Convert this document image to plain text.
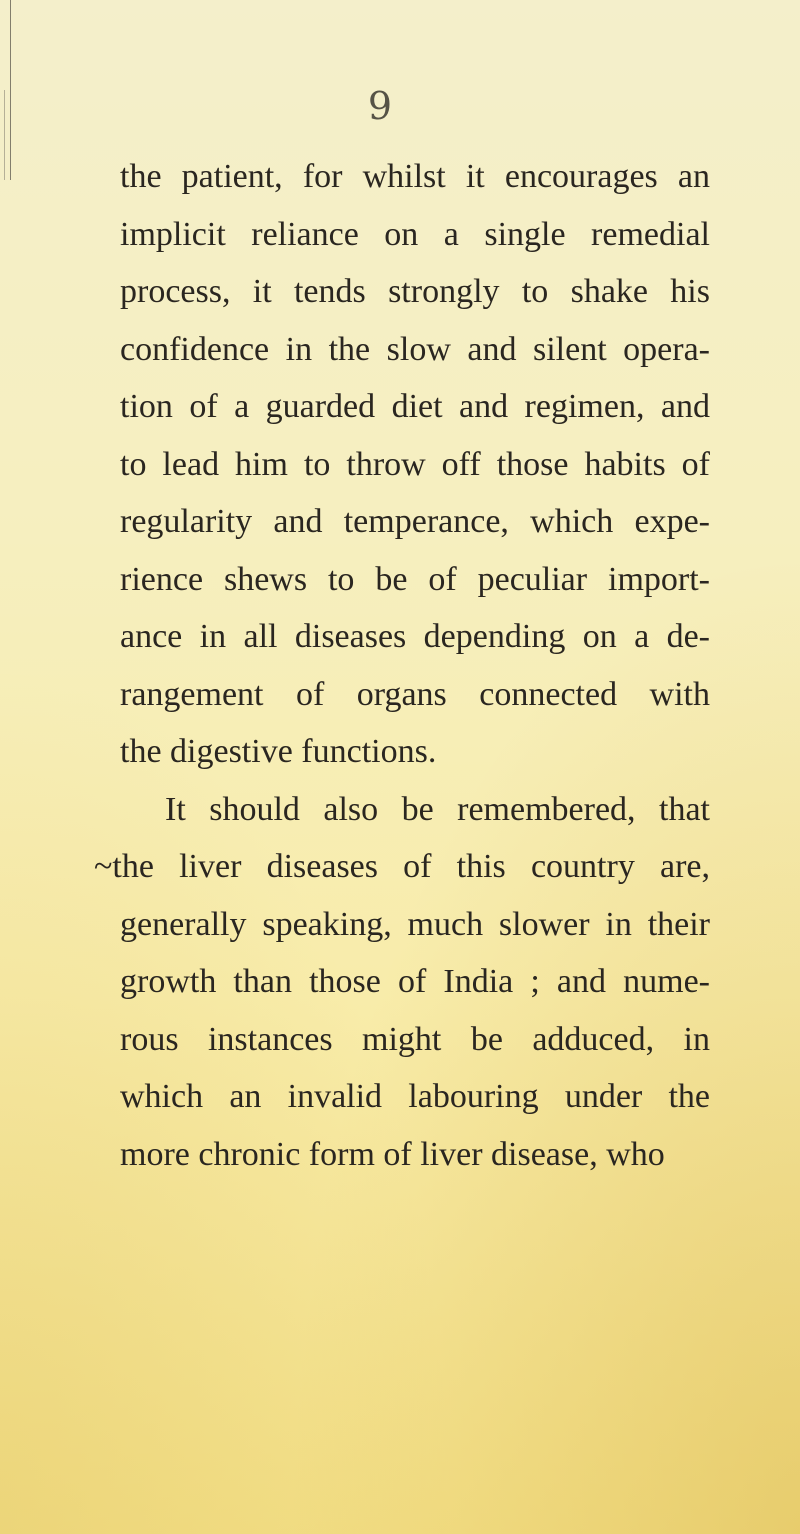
9
the patient, for whilst it encourages an
implicit reliance on a single remedial
process, it tends strongly to shake his
confidence in the slow and silent opera-
tion of a guarded diet and regimen, and
to lead him to throw off those habits of
regularity and temperance, which expe-
rience shews to be of peculiar import-
ance in all diseases depending on a de-
rangement of organs connected with
the digestive functions.
It should also be remembered, that
~the liver diseases of this country are,
generally speaking, much slower in their
growth than those of India ; and nume-
rous instances might be adduced, in
which an invalid labouring under the
more chronic form of liver disease, who
